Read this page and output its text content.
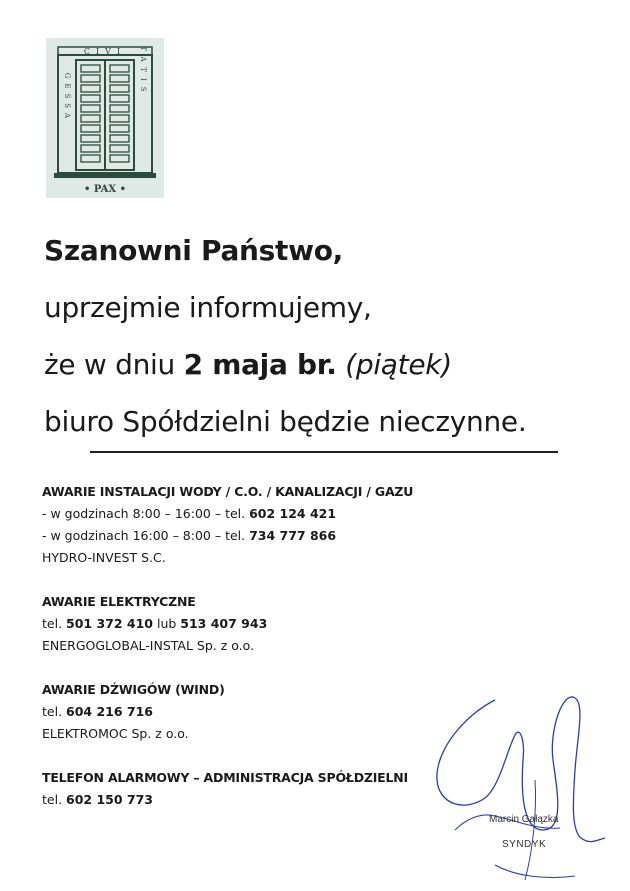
CIVI
GESSA
TATIS
• PAX •
Szanowni Państwo,
uprzejmie informujemy,
że w dniu 2 maja br. (piątek)
biuro Spółdzielni będzie nieczynne.
AWARIE INSTALACJI WODY / C.O. / KANALIZACJI / GAZU
- w godzinach 8:00 – 16:00 – tel. 602 124 421
- w godzinach 16:00 – 8:00 – tel. 734 777 866
HYDRO-INVEST S.C.
AWARIE ELEKTRYCZNE
tel. 501 372 410 lub 513 407 943
ENERGOGLOBAL-INSTAL Sp. z o.o.
AWARIE DŹWIGÓW (WIND)
tel. 604 216 716
ELEKTROMOC Sp. z o.o.
TELEFON ALARMOWY – ADMINISTRACJA SPÓŁDZIELNI
tel. 602 150 773
Marcin Gałązka
SYNDYK
